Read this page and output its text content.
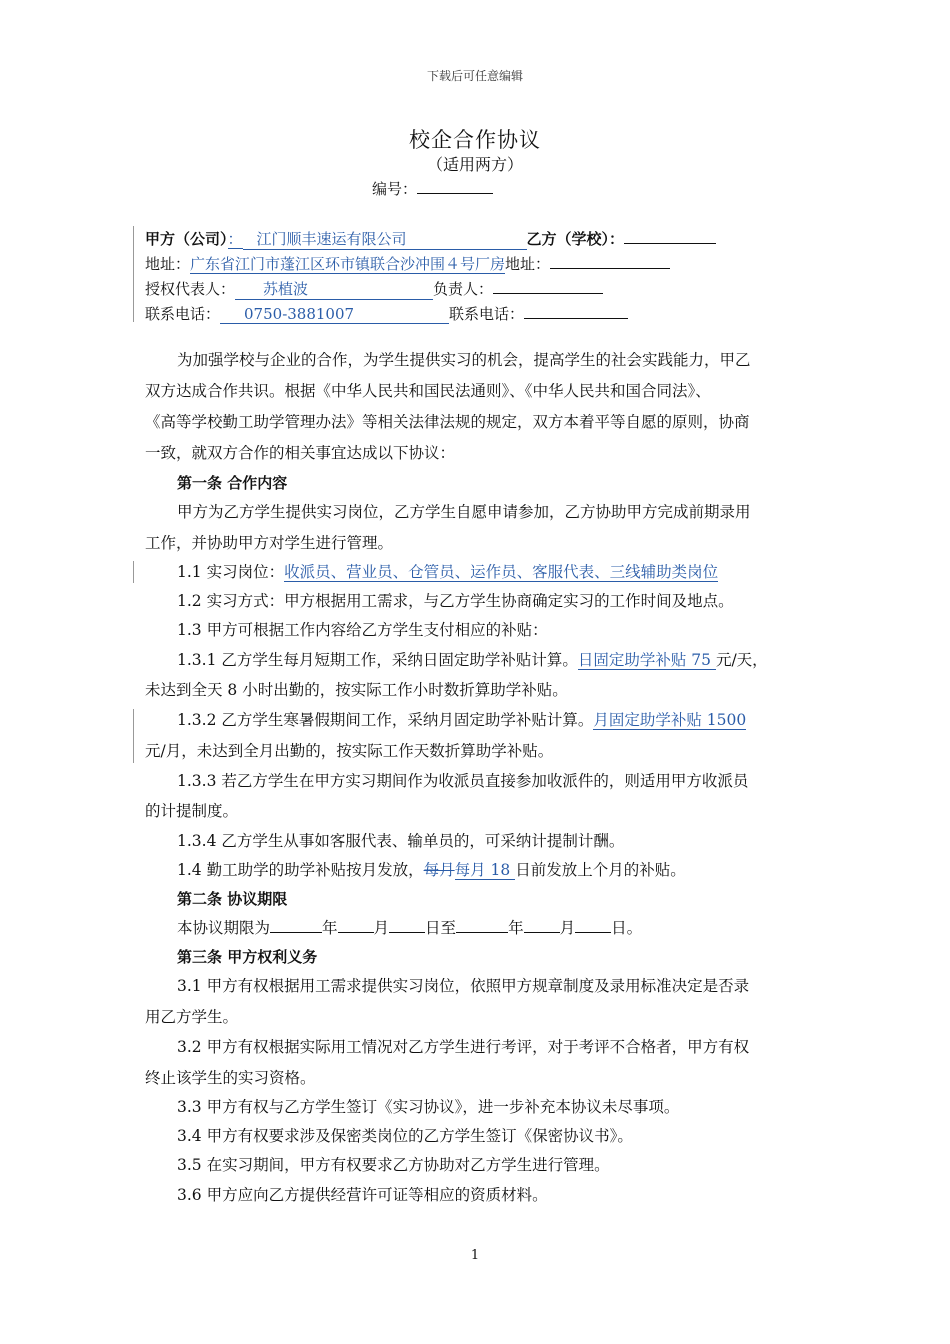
下载后可任意编辑
校企合作协议
（适用两方）
编号：
甲方（公司）： 江门顺丰速运有限公司	乙方（学校）：
地址：广东省江门市蓬江区环市镇联合沙冲围４号厂房地址：
授权代表人： 苏植波	负责人：
联系电话： 0750-3881007	联系电话：
为加强学校与企业的合作，为学生提供实习的机会，提高学生的社会实践能力，甲乙
双方达成合作共识。根据《中华人民共和国民法通则》、《中华人民共和国合同法》、
《高等学校勤工助学管理办法》等相关法律法规的规定，双方本着平等自愿的原则，协商
一致，就双方合作的相关事宜达成以下协议：
第一条 合作内容
甲方为乙方学生提供实习岗位，乙方学生自愿申请参加，乙方协助甲方完成前期录用
工作，并协助甲方对学生进行管理。
1.1 实习岗位：收派员、营业员、仓管员、运作员、客服代表、三线辅助类岗位
1.2 实习方式：甲方根据用工需求，与乙方学生协商确定实习的工作时间及地点。
1.3 甲方可根据工作内容给乙方学生支付相应的补贴：
1.3.1 乙方学生每月短期工作，采纳日固定助学补贴计算。日固定助学补贴 75 元/天，
未达到全天 8 小时出勤的，按实际工作小时数折算助学补贴。
1.3.2 乙方学生寒暑假期间工作，采纳月固定助学补贴计算。月固定助学补贴 1500
元/月，未达到全月出勤的，按实际工作天数折算助学补贴。
1.3.3 若乙方学生在甲方实习期间作为收派员直接参加收派件的，则适用甲方收派员
的计提制度。
1.3.4 乙方学生从事如客服代表、输单员的，可采纳计提制计酬。
1.4 勤工助学的助学补贴按月发放，每月每月 18 日前发放上个月的补贴。
第二条 协议期限
本协议期限为	年 月 日至	年 月 日。
第三条 甲方权利义务
3.1 甲方有权根据用工需求提供实习岗位，依照甲方规章制度及录用标准决定是否录
用乙方学生。
3.2 甲方有权根据实际用工情况对乙方学生进行考评，对于考评不合格者，甲方有权
终止该学生的实习资格。
3.3 甲方有权与乙方学生签订《实习协议》，进一步补充本协议未尽事项。
3.4 甲方有权要求涉及保密类岗位的乙方学生签订《保密协议书》。
3.5 在实习期间，甲方有权要求乙方协助对乙方学生进行管理。
3.6 甲方应向乙方提供经营许可证等相应的资质材料。
1
